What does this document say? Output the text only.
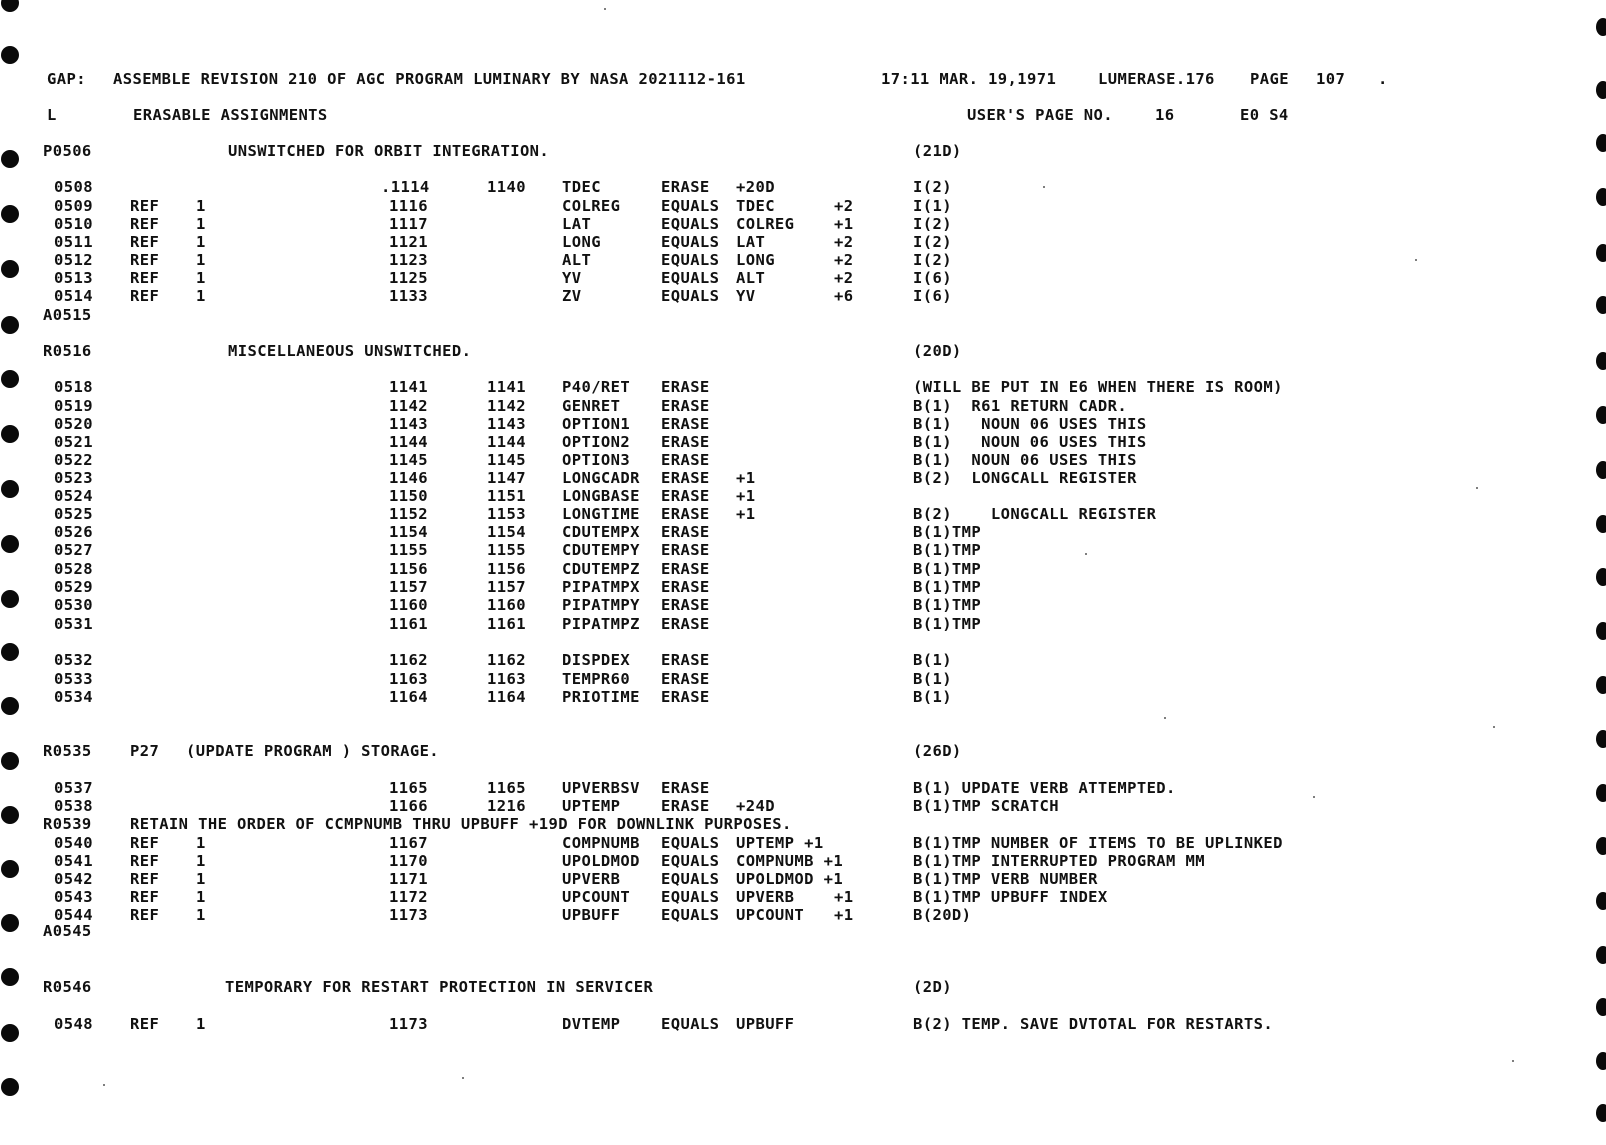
GAP:

ASSEMBLE REVISION 210 OF AGC PROGRAM LUMINARY BY NASA 2021112-161

	17:11 MAR. 19,1971

	LUMERASE.176

PAGE

107

.

L

	ERASABLE ASSIGNMENTS

	USER'S PAGE NO.

	16

	E0 S4

P0506	UNSWITCHED FOR ORBIT INTEGRATION.	(21D)
0508	.1114	1140 TDEC	ERASE +20D	I(2)
0509 REF 1	1116	COLREG	EQUALS TDEC	+2	I(1)
0510 REF 1	1117	LAT	EQUALS COLREG	+1	I(2)
0511 REF 1	1121	LONG	EQUALS LAT	+2	I(2)
0512 REF 1	1123	ALT	EQUALS LONG	+2	I(2)
0513 REF 1	1125	YV	EQUALS ALT	+2	I(6)
0514 REF 1	1133	ZV	EQUALS YV	+6	I(6)
A0515
R0516	MISCELLANEOUS UNSWITCHED.	(20D)
0518	1141	1141 P40/RET ERASE	(WILL BE PUT IN E6 WHEN THERE IS ROOM)
0519	1142	1142 GENRET	ERASE	B(1)  R61 RETURN CADR.
0520	1143	1143 OPTION1 ERASE	B(1)   NOUN 06 USES THIS
0521	1144	1144 OPTION2 ERASE	B(1)   NOUN 06 USES THIS
0522	1145	1145 OPTION3 ERASE	B(1)  NOUN 06 USES THIS
0523	1146	1147 LONGCADR ERASE +1	B(2)  LONGCALL REGISTER
0524	1150	1151 LONGBASE ERASE +1
0525	1152	1153 LONGTIME ERASE +1	B(2)    LONGCALL REGISTER
0526	1154	1154 CDUTEMPX ERASE	B(1)TMP
0527	1155	1155 CDUTEMPY ERASE	B(1)TMP
0528	1156	1156 CDUTEMPZ ERASE	B(1)TMP
0529	1157	1157 PIPATMPX ERASE	B(1)TMP
0530	1160	1160 PIPATMPY ERASE	B(1)TMP
0531	1161	1161 PIPATMPZ ERASE	B(1)TMP
0532	1162	1162 DISPDEX ERASE	B(1)
0533	1163	1163 TEMPR60 ERASE	B(1)
0534	1164	1164 PRIOTIME ERASE	B(1)
R0535 P27 (UPDATE PROGRAM ) STORAGE.	(26D)
0537	1165	1165 UPVERBSV ERASE	B(1) UPDATE VERB ATTEMPTED.
0538	1166	1216 UPTEMP	ERASE +24D	B(1)TMP SCRATCH
R0539 RETAIN THE ORDER OF CCMPNUMB THRU UPBUFF +19D FOR DOWNLINK PURPOSES.
0540 REF 1	1167	COMPNUMB EQUALS UPTEMP +1	B(1)TMP NUMBER OF ITEMS TO BE UPLINKED
0541 REF 1	1170	UPOLDMOD EQUALS COMPNUMB +1	B(1)TMP INTERRUPTED PROGRAM MM
0542 REF 1	1171	UPVERB	EQUALS UPOLDMOD +1	B(1)TMP VERB NUMBER
0543 REF 1	1172	UPCOUNT EQUALS UPVERB	+1	B(1)TMP UPBUFF INDEX
0544 REF 1	1173	UPBUFF	EQUALS UPCOUNT +1	B(20D)
A0545
R0546	TEMPORARY FOR RESTART PROTECTION IN SERVICER	(2D)
0548 REF 1	1173	DVTEMP	EQUALS UPBUFF	B(2) TEMP. SAVE DVTOTAL FOR RESTARTS.
